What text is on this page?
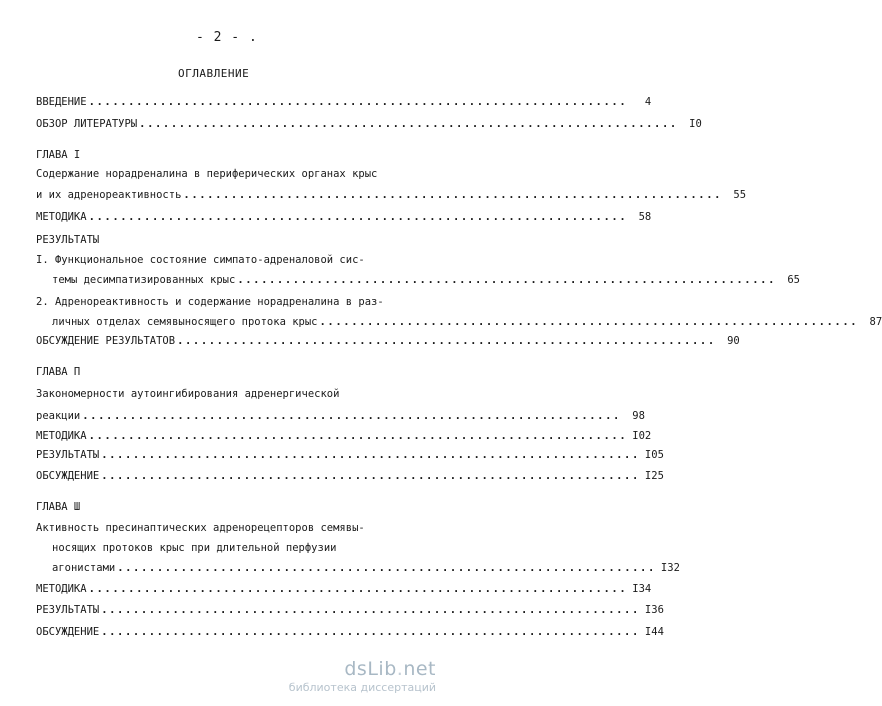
- 2 - .
ОГЛАВЛЕНИЕ
ВВЕДЕНИЕ ....................................................................	4
ОБЗОР ЛИТЕРАТУРЫ ....................................................................	I0
ГЛАВА I
Содержание норадреналина в периферических органах крыс
и их адренореактивность ....................................................................	55
МЕТОДИКА ....................................................................	58
РЕЗУЛЬТАТЫ
I. Функциональное состояние симпато-адреналовой сис-
темы десимпатизированных крыс ....................................................................	65
2. Адренореактивность и содержание норадреналина в раз-
личных отделах семявыносящего протока крыс ....................................................................	87
ОБСУЖДЕНИЕ РЕЗУЛЬТАТОВ ....................................................................	90
ГЛАВА П
Закономерности аутоингибирования адренергической
реакции ....................................................................	98
МЕТОДИКА .................................................................... I02
РЕЗУЛЬТАТЫ .................................................................... I05
ОБСУЖДЕНИЕ .................................................................... I25
ГЛАВА Ш
Активность пресинаптических адренорецепторов семявы-
носящих протоков крыс при длительной перфузии
агонистами .................................................................... I32
МЕТОДИКА .................................................................... I34
РЕЗУЛЬТАТЫ .................................................................... I36
ОБСУЖДЕНИЕ .................................................................... I44
dsLib.net
библиотека диссертаций
